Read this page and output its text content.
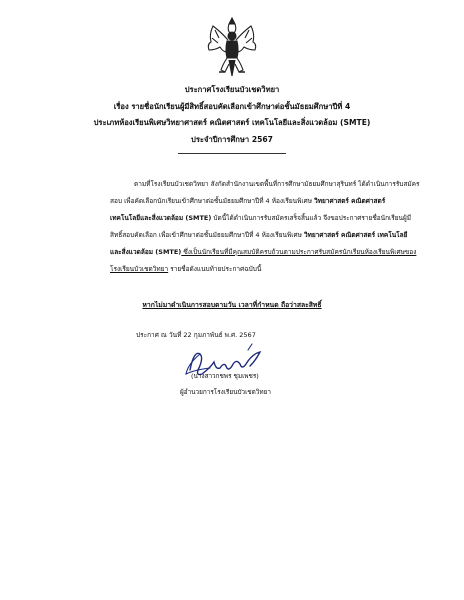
ประกาศโรงเรียนบัวเชดวิทยา
เรื่อง รายชื่อนักเรียนผู้มีสิทธิ์สอบคัดเลือกเข้าศึกษาต่อชั้นมัธยมศึกษาปีที่ 4
ประเภทห้องเรียนพิเศษวิทยาศาสตร์ คณิตศาสตร์ เทคโนโลยีและสิ่งแวดล้อม (SMTE)
ประจำปีการศึกษา 2567
ตามที่โรงเรียนบัวเชดวิทยา สังกัดสำนักงานเขตพื้นที่การศึกษามัธยมศึกษาสุรินทร์ ได้ดำเนินการรับสมัคร
สอบ เพื่อคัดเลือกนักเรียนเข้าศึกษาต่อชั้นมัธยมศึกษาปีที่ 4 ห้องเรียนพิเศษ วิทยาศาสตร์ คณิตศาสตร์
เทคโนโลยีและสิ่งแวดล้อม (SMTE) บัดนี้ได้ดำเนินการรับสมัครเสร็จสิ้นแล้ว จึงขอประกาศรายชื่อนักเรียนผู้มี
สิทธิ์สอบคัดเลือก เพื่อเข้าศึกษาต่อชั้นมัธยมศึกษาปีที่ 4 ห้องเรียนพิเศษ วิทยาศาสตร์ คณิตศาสตร์ เทคโนโลยี
และสิ่งแวดล้อม (SMTE) ซึ่งเป็นนักเรียนที่มีคุณสมบัติครบถ้วนตามประกาศรับสมัครนักเรียนห้องเรียนพิเศษของ
โรงเรียนบัวเชดวิทยา รายชื่อดังแนบท้ายประกาศฉบับนี้
หากไม่มาดำเนินการสอบตามวัน เวลาที่กำหนด ถือว่าสละสิทธิ์
ประกาศ ณ วันที่ 22 กุมภาพันธ์ พ.ศ. 2567
(นางสาวกชพร ชุมเพชร)
ผู้อำนวยการโรงเรียนบัวเชดวิทยา
